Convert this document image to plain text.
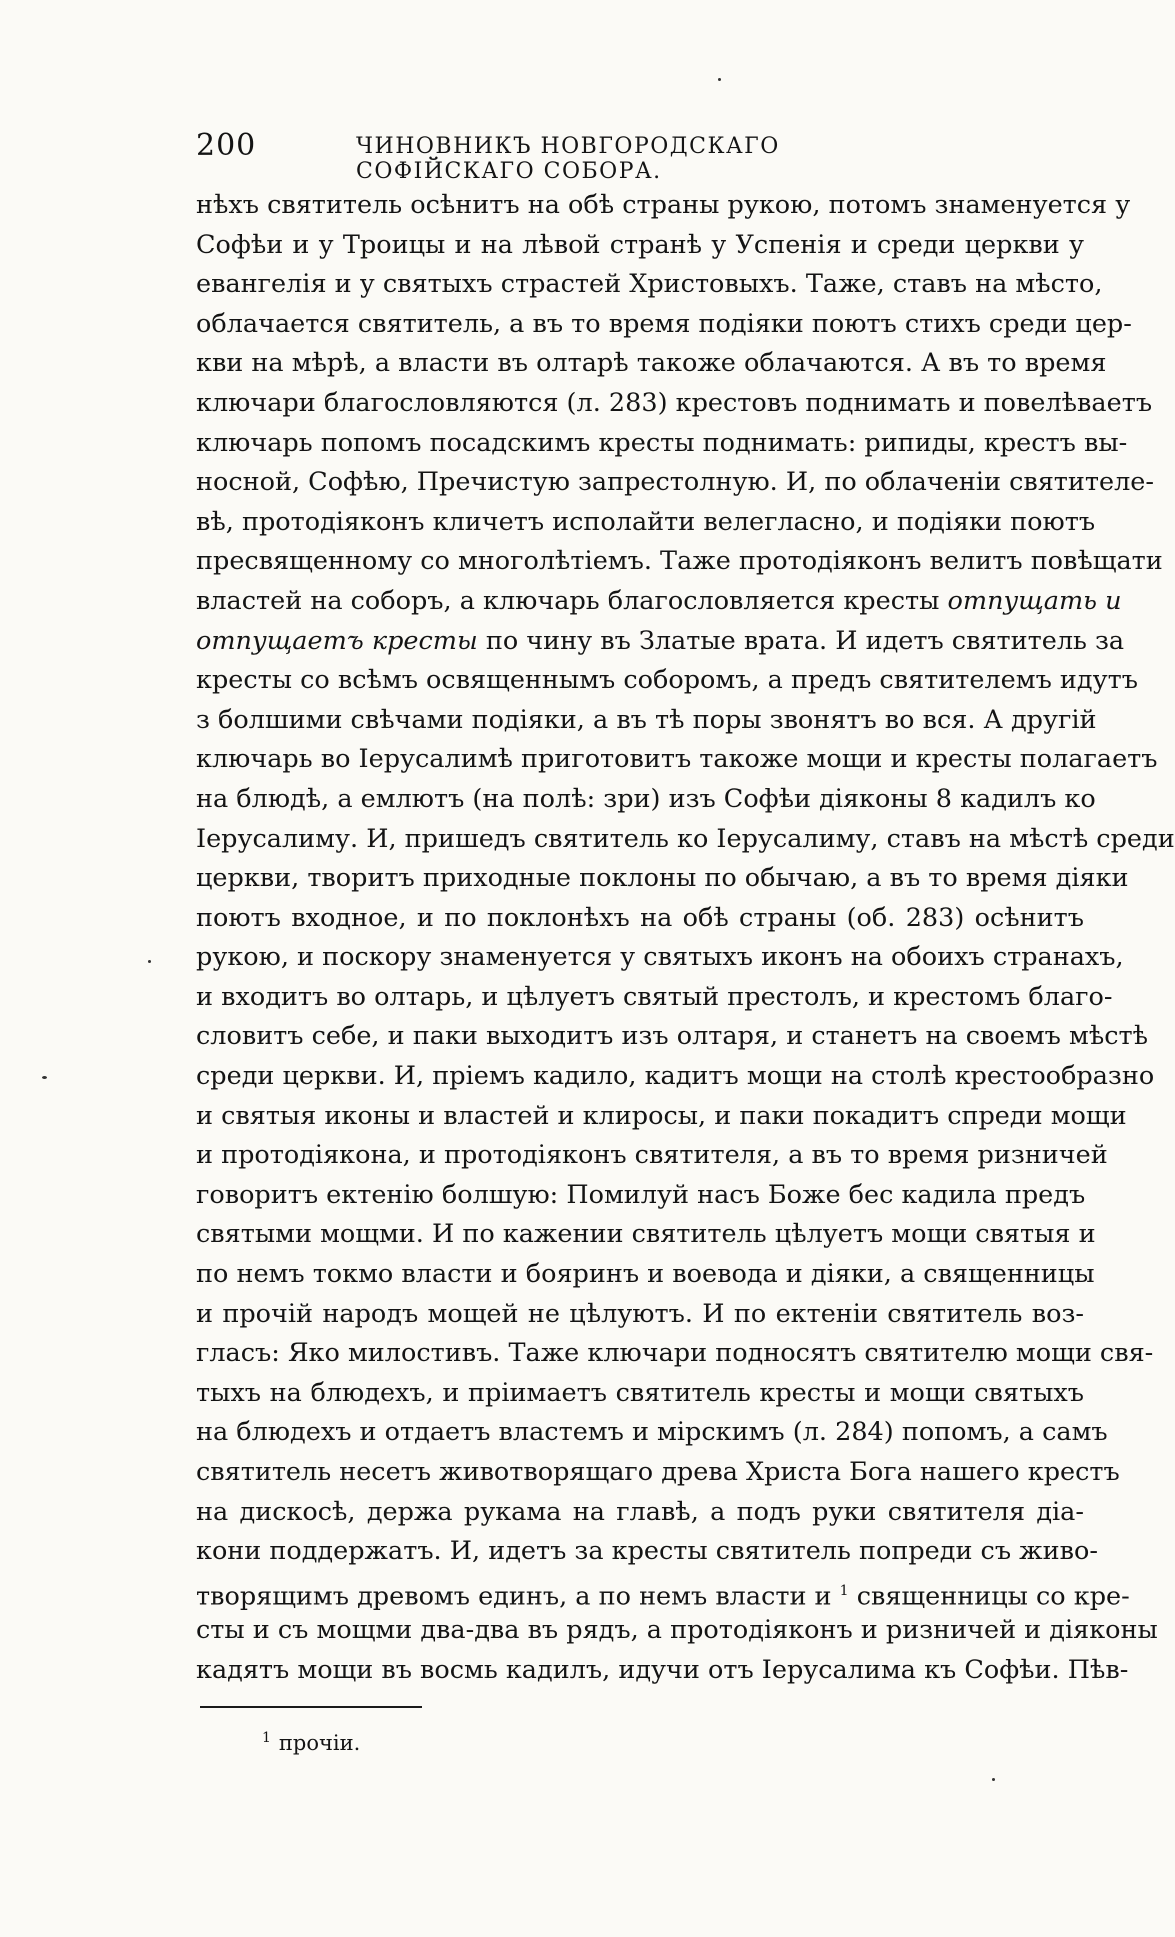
200	ЧИНОВНИКЪ НОВГОРОДСКАГО СОФІЙСКАГО СОБОРА.
нѣхъ святитель осѣнитъ на обѣ страны рукою, потомъ знаменуется у
Софѣи и у Троицы и на лѣвой странѣ у Успенія и среди церкви у
евангелія и у святыхъ страстей Христовыхъ. Таже, ставъ на мѣсто,
облачается святитель, а въ то время подіяки поютъ стихъ среди цер-
кви на мѣрѣ, а власти въ олтарѣ такоже облачаются. А въ то время
ключари благословляются (л. 283) крестовъ поднимать и повелѣваетъ
ключарь попомъ посадскимъ кресты поднимать: рипиды, крестъ вы-
носной, Софѣю, Пречистую запрестолную. И, по облаченіи святителе-
вѣ, протодіяконъ кличетъ исполайти велегласно, и подіяки поютъ
пресвященному со многолѣтіемъ. Таже протодіяконъ велитъ повѣщати
властей на соборъ, а ключарь благословляется кресты отпущать и
отпущаетъ кресты по чину въ Златые врата. И идетъ святитель за
кресты со всѣмъ освященнымъ соборомъ, а предъ святителемъ идутъ
з болшими свѣчами подіяки, а въ тѣ поры звонятъ во вся. А другій
ключарь во Іерусалимѣ приготовитъ такоже мощи и кресты полагаетъ
на блюдѣ, а емлютъ (на полѣ: зри) изъ Софѣи діяконы 8 кадилъ ко
Іерусалиму. И, пришедъ святитель ко Іерусалиму, ставъ на мѣстѣ среди
церкви, творитъ приходные поклоны по обычаю, а въ то время діяки
поютъ входное, и по поклонѣхъ на обѣ страны (об. 283) осѣнитъ
рукою, и поскору знаменуется у святыхъ иконъ на обоихъ странахъ,
и входитъ во олтарь, и цѣлуетъ святый престолъ, и крестомъ благо-
словитъ себе, и паки выходитъ изъ олтаря, и станетъ на своемъ мѣстѣ
среди церкви. И, пріемъ кадило, кадитъ мощи на столѣ крестообразно
и святыя иконы и властей и клиросы, и паки покадитъ спреди мощи
и протодіякона, и протодіяконъ святителя, а въ то время ризничей
говоритъ ектенію болшую: Помилуй насъ Боже бес кадила предъ
святыми мощми. И по кажении святитель цѣлуетъ мощи святыя и
по немъ токмо власти и бояринъ и воевода и діяки, а священницы
и прочій народъ мощей не цѣлуютъ. И по ектеніи святитель воз-
гласъ: Яко милостивъ. Таже ключари подносятъ святителю мощи свя-
тыхъ на блюдехъ, и пріимаетъ святитель кресты и мощи святыхъ
на блюдехъ и отдаетъ властемъ и мірскимъ (л. 284) попомъ, а самъ
святитель несетъ животворящаго древа Христа Бога нашего крестъ
на дискосѣ, держа рукама на главѣ, а подъ руки святителя діа-
кони поддержатъ. И, идетъ за кресты святитель попреди съ живо-
творящимъ древомъ единъ, а по немъ власти и $^1$ священницы со кре-
сты и съ мощми два-два въ рядъ, а протодіяконъ и ризничей и діяконы
кадятъ мощи въ восмь кадилъ, идучи отъ Іерусалима къ Софѣи. Пѣв-
$^1$ прочіи.
